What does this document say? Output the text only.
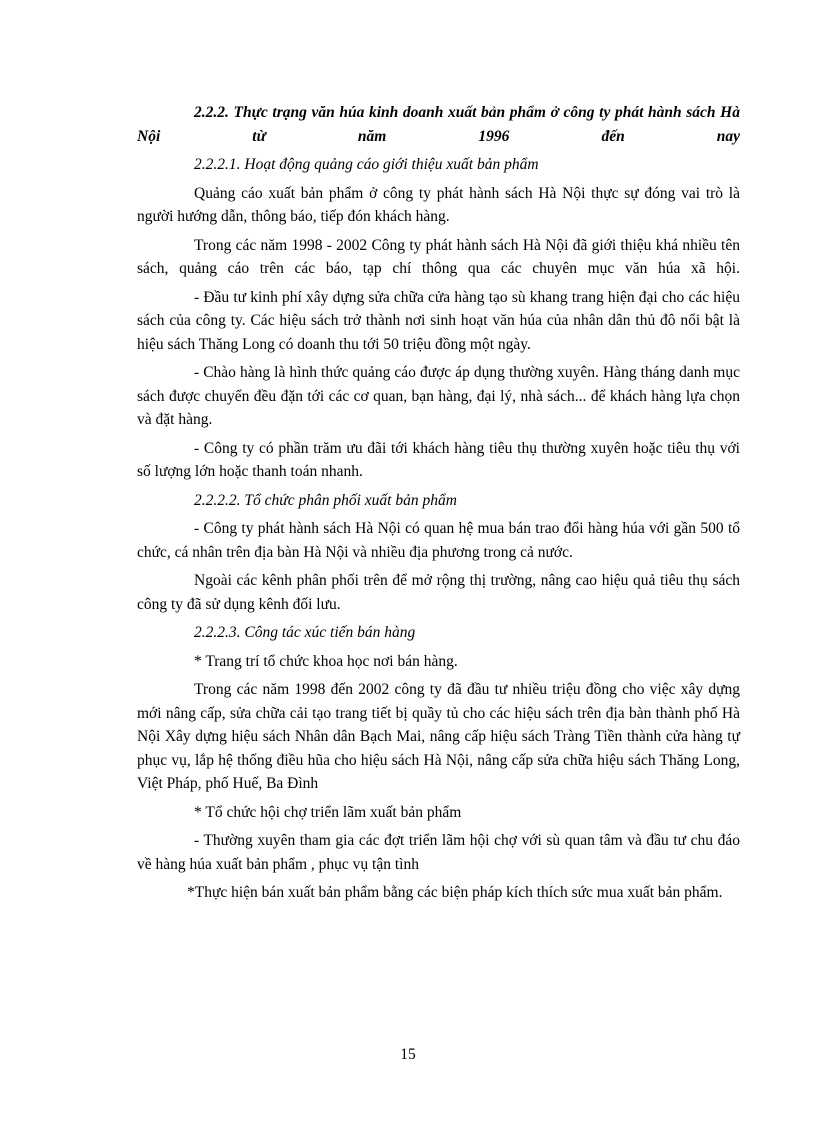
2.2.2. Thực trạng văn húa kinh doanh xuất bản phẩm ở công ty phát hành sách Hà Nội từ năm 1996 đến nay

2.2.2.1. Hoạt động quảng cáo giới thiệu xuất bản phẩm

Quảng cáo xuất bản phẩm ở công ty phát hành sách Hà Nội thực sự đóng vai trò là người hướng dẫn, thông báo, tiếp đón khách hàng.

Trong các năm 1998 - 2002 Công ty phát hành sách Hà Nội đã giới thiệu khá nhiều tên sách, quảng cáo trên các báo, tạp chí thông qua các chuyên mục văn húa xã hội.

- Đầu tư kinh phí xây dựng sửa chữa cửa hàng tạo sù khang trang hiện đại cho các hiệu sách của công ty. Các hiệu sách trở thành nơi sinh hoạt văn húa của nhân dân thủ đô nổi bật là hiệu sách Thăng Long có doanh thu tới 50 triệu đồng một ngày.

- Chào hàng là hình thức quảng cáo được áp dụng thường xuyên. Hàng tháng danh mục sách được chuyển đều đặn tới các cơ quan, bạn hàng, đại lý, nhà sách... để khách hàng lựa chọn và đặt hàng.

- Công ty có phần trăm ưu đãi tới khách hàng tiêu thụ thường xuyên hoặc tiêu thụ với số lượng lớn hoặc thanh toán nhanh.

2.2.2.2. Tổ chức phân phối xuất bản phẩm

- Công ty phát hành sách Hà Nội có quan hệ mua bán trao đổi hàng húa với gần 500 tổ chức, cá nhân trên địa bàn Hà Nội và nhiều địa phương trong cả nước.

Ngoài các kênh phân phối trên để mở rộng thị trường, nâng cao hiệu quả tiêu thụ sách công ty đã sử dụng kênh đối lưu.

2.2.2.3. Công tác xúc tiến bán hàng

* Trang trí tổ chức khoa học nơi bán hàng.

Trong các năm 1998 đến 2002 công ty đã đầu tư nhiều triệu đồng cho việc xây dựng mới nâng cấp, sửa chữa cải tạo trang tiết bị quầy tủ cho các hiệu sách trên địa bàn thành phố Hà Nội Xây dựng hiệu sách Nhân dân Bạch Mai, nâng cấp hiệu sách Tràng Tiền thành cửa hàng tự phục vụ, lắp hệ thống điều hũa cho hiệu sách Hà Nội, nâng cấp sửa chữa hiệu sách Thăng Long, Việt Pháp, phố Huế, Ba Đình

* Tổ chức hội chợ triển lãm xuất bản phẩm

- Thường xuyên tham gia các đợt triển lãm hội chợ với sù quan tâm và đầu tư chu đáo về hàng húa xuất bản phẩm , phục vụ tận tình

*Thực hiện bán xuất bản phẩm bằng các biện pháp kích thích sức mua xuất bản phẩm.

15
